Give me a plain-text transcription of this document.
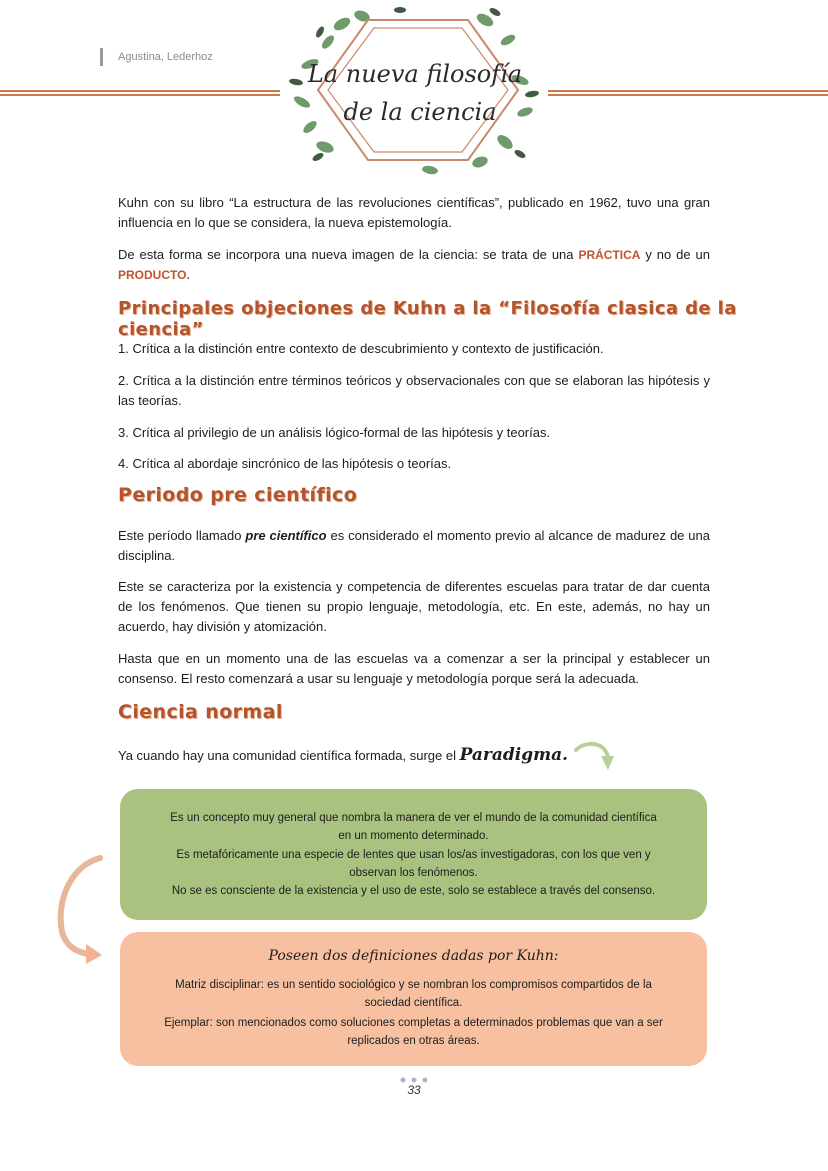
Agustina, Lederhoz
La nueva filosofía
de la ciencia

Kuhn con su libro “La estructura de las revoluciones científicas”, publicado en 1962, tuvo una gran influencia en lo que se considera, la nueva epistemología.

De esta forma se incorpora una nueva imagen de la ciencia: se trata de una PRÁCTICA y no de un PRODUCTO.

Principales objeciones de Kuhn a la “Filosofía clasica de la ciencia”

1. Crítica a la distinción entre contexto de descubrimiento y contexto de justificación.

2. Crítica a la distinción entre términos teóricos y observacionales con que se elaboran las hipótesis y las teorías.

3. Crítica al privilegio de un análisis lógico-formal de las hipótesis y teorías.

4. Crítica al abordaje sincrónico de las hipótesis o teorías.

Periodo pre científico

Este período llamado pre científico es considerado el momento previo al alcance de madurez de una disciplina.

Este se caracteriza por la existencia y competencia de diferentes escuelas para tratar de dar cuenta de los fenómenos. Que tienen su propio lenguaje, metodología, etc. En este, además, no hay un acuerdo, hay división y atomización.

Hasta que en un momento una de las escuelas va a comenzar a ser la principal y establecer un consenso. El resto comenzará a usar su lenguaje y metodología porque será la adecuada.

Ciencia normal

Ya cuando hay una comunidad científica formada, surge el Paradigma.

Es un concepto muy general que nombra la manera de ver el mundo de la comunidad científica
en un momento determinado.
Es metafóricamente una especie de lentes que usan los/as investigadoras, con los que ven y
observan los fenómenos.
No se es consciente de la existencia y el uso de este, solo se establece a través del consenso.
Poseen dos definiciones dadas por Kuhn:
Matriz disciplinar: es un sentido sociológico y se nombran los compromisos compartidos de la
sociedad científica.
Ejemplar: son mencionados como soluciones completas a determinados problemas que van a ser
replicados en otras áreas.
33
